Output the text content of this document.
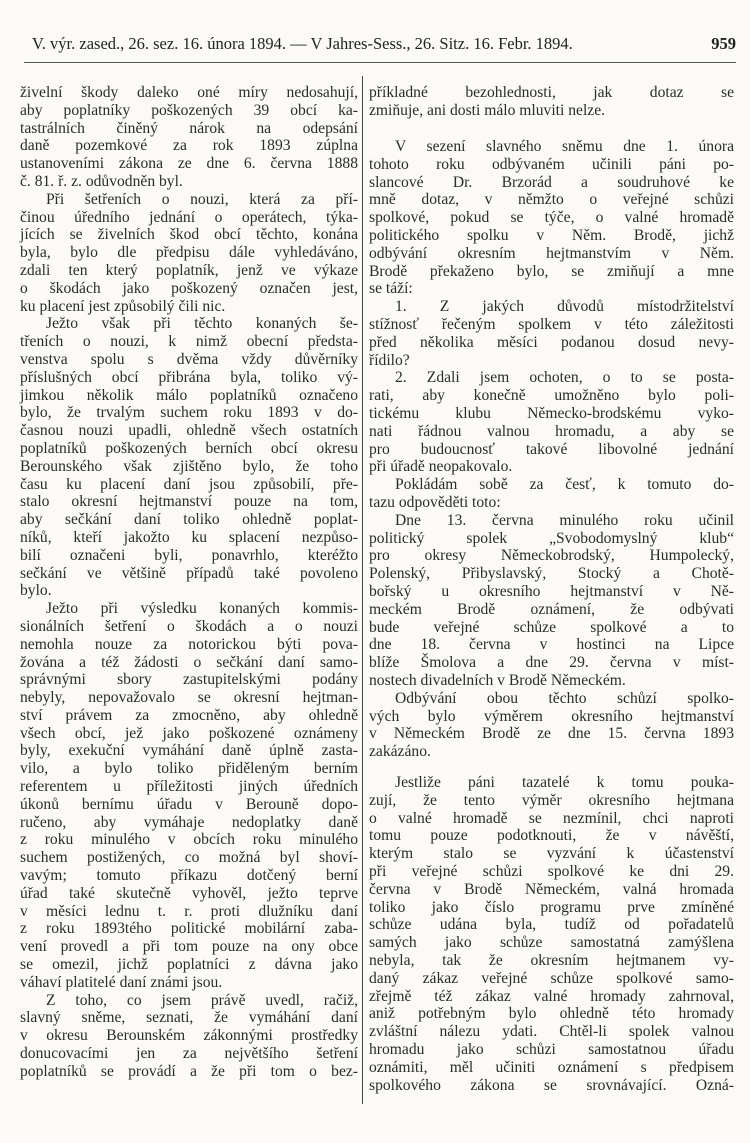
V. výr. zased., 26. sez. 16. února 1894. — V Jahres-Sess., 26. Sitz. 16. Febr. 1894.	959
živelní škody daleko oné míry nedosahují,
aby poplatníky poškozených 39 obcí ka-
tastrálních činěný nárok na odepsání
daně pozemkové za rok 1893 zúplna
ustanoveními zákona ze dne 6. června 1888
č. 81. ř. z. odůvodněn byl.
Při šetřeních o nouzi, která za pří-
činou úředního jednání o operátech, týka-
jících se živelních škod obcí těchto, konána
byla, bylo dle předpisu dále vyhledáváno,
zdali ten který poplatník, jenž ve výkaze
o škodách jako poškozený označen jest,
ku placení jest způsobilý čili nic.
Ježto však při těchto konaných še-
třeních o nouzi, k nimž obecní předsta-
venstva spolu s dvěma vždy důvěrníky
příslušných obcí přibrána byla, toliko vý-
jimkou několik málo poplatníků označeno
bylo, že trvalým suchem roku 1893 v do-
časnou nouzi upadli, ohledně všech ostatních
poplatníků poškozených berních obcí okresu
Berounského však zjištěno bylo, že toho
času ku placení daní jsou způsobilí, pře-
stalo okresní hejtmanství pouze na tom,
aby sečkání daní toliko ohledně poplat-
níků, kteří jakožto ku splacení nezpůso-
bilí označeni byli, ponavrhlo, kteréžto
sečkání ve většině případů také povoleno
bylo.
Ježto při výsledku konaných kommis-
sionálních šetření o škodách a o nouzi
nemohla nouze za notorickou býti pova-
žována a též žádosti o sečkání daní samo-
správnými sbory zastupitelskými podány
nebyly, nepovažovalo se okresní hejtman-
ství právem za zmocněno, aby ohledně
všech obcí, jež jako poškozené oznámeny
byly, exekuční vymáhání daně úplně zasta-
vilo, a bylo toliko přiděleným berním
referentem u příležitosti jiných úředních
úkonů bernímu úřadu v Berouně dopo-
ručeno, aby vymáhaje nedoplatky daně
z roku minulého v obcích roku minulého
suchem postižených, co možná byl shoví-
vavým; tomuto příkazu dotčený berní
úřad také skutečně vyhověl, ježto teprve
v měsíci lednu t. r. proti dlužníku daní
z roku 1893tého politické mobilární zaba-
vení provedl a při tom pouze na ony obce
se omezil, jichž poplatníci z dávna jako
váhaví platitelé daní známi jsou.
Z toho, co jsem právě uvedl, račiž,
slavný sněme, seznati, že vymáhání daní
v okresu Berounském zákonnými prostředky
donucovacími jen za největšího šetření
poplatníků se provádí a že při tom o bez-
příkladné bezohlednosti, jak dotaz se
zmiňuje, ani dosti málo mluviti nelze.
V sezení slavného sněmu dne 1. února
tohoto roku odbývaném učinili páni po-
slancové Dr. Brzorád a soudruhové ke
mně dotaz, v němžto o veřejné schůzi
spolkové, pokud se týče, o valné hromadě
politického spolku v Něm. Brodě, jichž
odbývání okresním hejtmanstvím v Něm.
Brodě překaženo bylo, se zmiňují a mne
se táží:
1. Z jakých důvodů místodržitelství
stížnosť řečeným spolkem v této záležitosti
před několika měsíci podanou dosud nevy-
řídilo?
2. Zdali jsem ochoten, o to se posta-
rati, aby konečně umožněno bylo poli-
tickému klubu Německo-brodskému vyko-
nati řádnou valnou hromadu, a aby se
pro budoucnosť takové libovolné jednání
při úřadě neopakovalo.
Pokládám sobě za česť, k tomuto do-
tazu odpověděti toto:
Dne 13. června minulého roku učinil
politický spolek „Svobodomyslný klub“
pro okresy Německobrodský, Humpolecký,
Polenský, Přibyslavský, Stocký a Chotě-
bořský u okresního hejtmanství v Ně-
meckém Brodě oznámení, že odbývati
bude veřejné schůze spolkové a to
dne 18. června v hostinci na Lipce
blíže Šmolova a dne 29. června v míst-
nostech divadelních v Brodě Německém.
Odbývání obou těchto schůzí spolko-
vých bylo výměrem okresního hejtmanství
v Německém Brodě ze dne 15. června 1893
zakázáno.
Jestliže páni tazatelé k tomu pouka-
zují, že tento výměr okresního hejtmana
o valné hromadě se nezmínil, chci naproti
tomu pouze podotknouti, že v návěští,
kterým stalo se vyzvání k účastenství
při veřejné schůzi spolkové ke dni 29.
června v Brodě Německém, valná hromada
toliko jako číslo programu prve zmíněné
schůze udána byla, tudíž od pořadatelů
samých jako schůze samostatná zamýšlena
nebyla, tak že okresním hejtmanem vy-
daný zákaz veřejné schůze spolkové samo-
zřejmě též zákaz valné hromady zahrnoval,
aniž potřebným bylo ohledně této hromady
zvláštní nálezu ydati. Chtěl-li spolek valnou
hromadu jako schůzi samostatnou úřadu
oznámiti, měl učiniti oznámení s předpisem
spolkového zákona se srovnávající. Ozná-
